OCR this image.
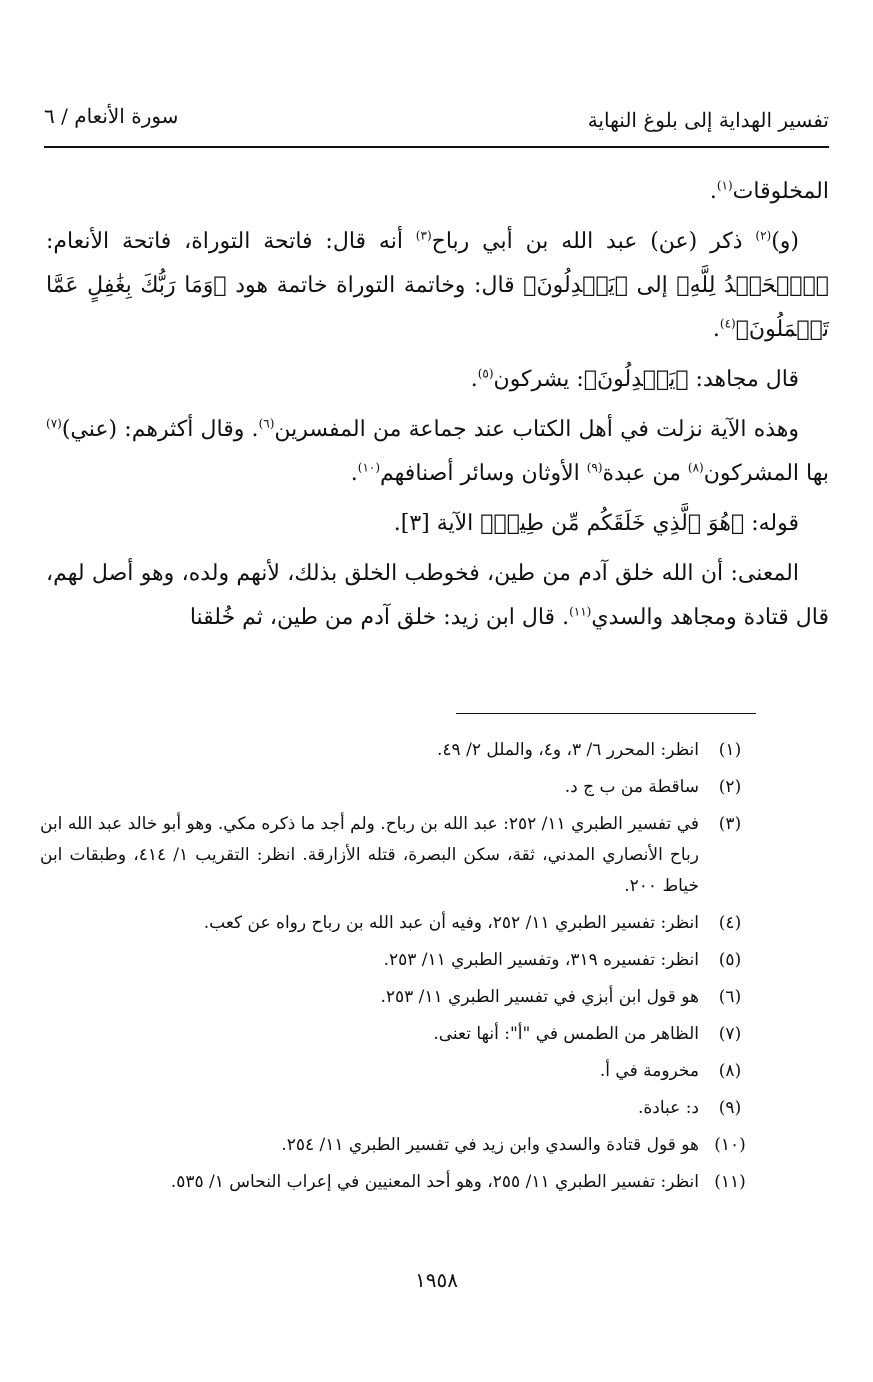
تفسير الهداية إلى بلوغ النهاية
سورة الأنعام / ٦

المخلوقات$^{(١)}$.

(و)$^{(٢)}$ ذكر (عن) عبد الله بن أبي رباح$^{(٣)}$ أنه قال: فاتحة التوراة، فاتحة الأنعام: ﴿ٱلۡحَمۡدُ لِلَّهِ﴾ إلى ﴿يَعۡدِلُونَ﴾ قال: وخاتمة التوراة خاتمة هود ﴿وَمَا رَبُّكَ بِغَٰفِلٍ عَمَّا تَعۡمَلُونَ﴾$^{(٤)}$.

قال مجاهد: ﴿يَعۡدِلُونَ﴾: يشركون$^{(٥)}$.

وهذه الآية نزلت في أهل الكتاب عند جماعة من المفسرين$^{(٦)}$. وقال أكثرهم: (عني)$^{(٧)}$ بها المشركون$^{(٨)}$ من عبدة$^{(٩)}$ الأوثان وسائر أصنافهم$^{(١٠)}$.

قوله: ﴿هُوَ ٱلَّذِي خَلَقَكُم مِّن طِينٖ﴾ الآية [٣].

المعنى: أن الله خلق آدم من طين، فخوطب الخلق بذلك، لأنهم ولده، وهو أصل لهم، قال قتادة ومجاهد والسدي$^{(١١)}$. قال ابن زيد: خلق آدم من طين، ثم خُلقنا

(١)
انظر: المحرر ٦/ ٣، و٤، والملل ٢/ ٤٩.
(٢)
ساقطة من ب ج د.
(٣)
في تفسير الطبري ١١/ ٢٥٢: عبد الله بن رباح. ولم أجد ما ذكره مكي. وهو أبو خالد عبد الله ابن رباح الأنصاري المدني، ثقة، سكن البصرة، قتله الأزارقة. انظر: التقريب ١/ ٤١٤، وطبقات ابن خياط ٢٠٠.
(٤)
انظر: تفسير الطبري ١١/ ٢٥٢، وفيه أن عبد الله بن رباح رواه عن كعب.
(٥)
انظر: تفسيره ٣١٩، وتفسير الطبري ١١/ ٢٥٣.
(٦)
هو قول ابن أبزي في تفسير الطبري ١١/ ٢٥٣.
(٧)
الظاهر من الطمس في "أ": أنها تعنى.
(٨)
مخرومة في أ.
(٩)
د: عبادة.
(١٠)
هو قول قتادة والسدي وابن زيد في تفسير الطبري ١١/ ٢٥٤.
(١١)
انظر: تفسير الطبري ١١/ ٢٥٥، وهو أحد المعنيين في إعراب النحاس ١/ ٥٣٥.
١٩٥٨
